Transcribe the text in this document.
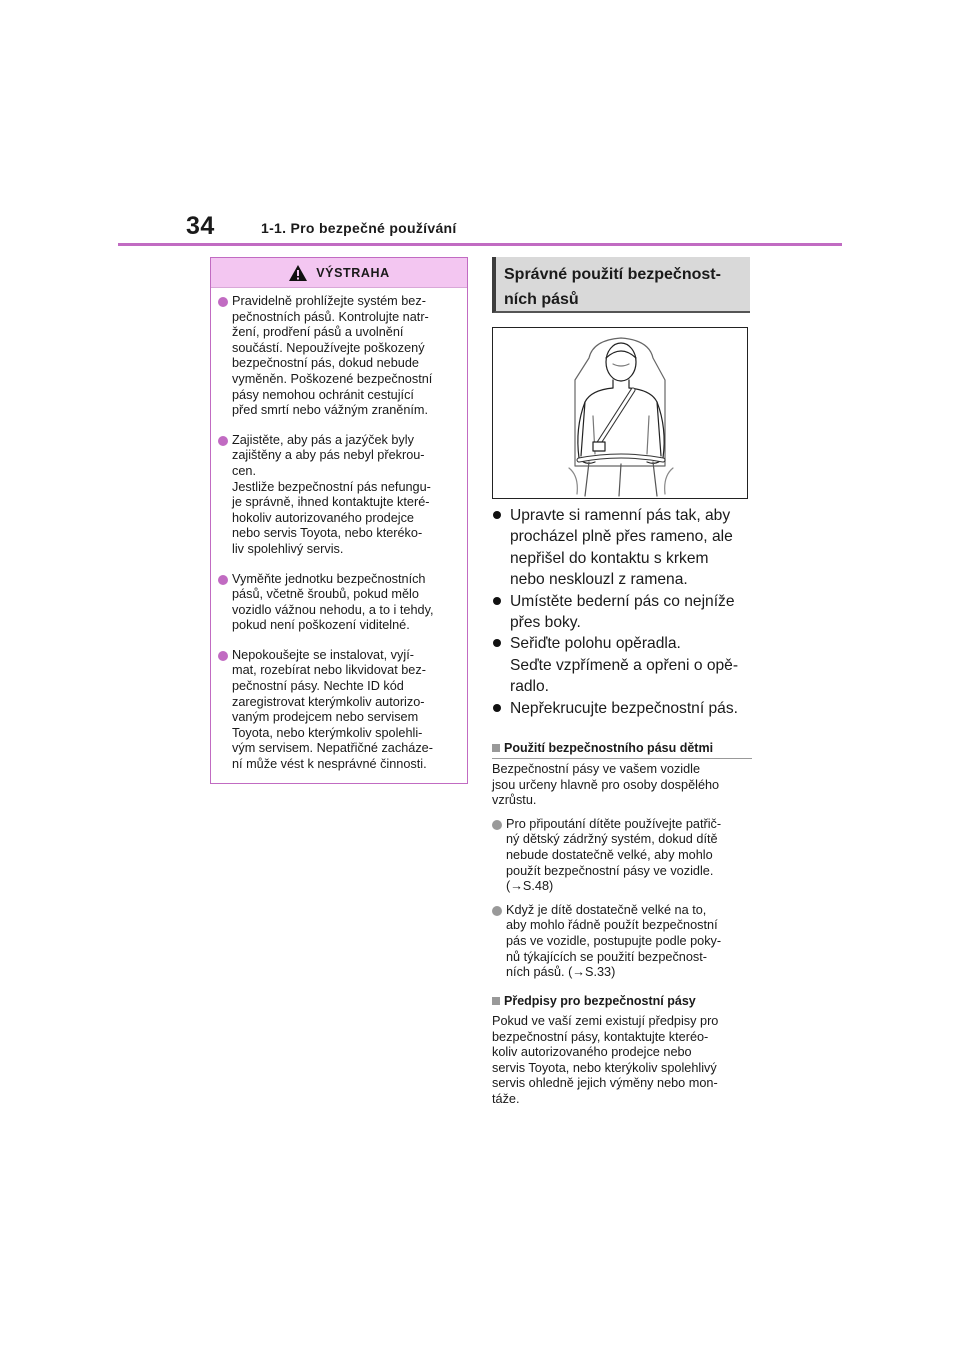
34	1-1. Pro bezpečné používání
VÝSTRAHA
Pravidelně prohlížejte systém bez-
pečnostních pásů. Kontrolujte natr-
žení, prodření pásů a uvolnění
součástí. Nepoužívejte poškozený
bezpečnostní pás, dokud nebude
vyměněn. Poškozené bezpečnostní
pásy nemohou ochránit cestující
před smrtí nebo vážným zraněním.
Zajistěte, aby pás a jazýček byly
zajištěny a aby pás nebyl překrou-
cen.
Jestliže bezpečnostní pás nefungu-
je správně, ihned kontaktujte které-
hokoliv autorizovaného prodejce
nebo servis Toyota, nebo kteréko-
liv spolehlivý servis.
Vyměňte jednotku bezpečnostních
pásů, včetně šroubů, pokud mělo
vozidlo vážnou nehodu, a to i tehdy,
pokud není poškození viditelné.
Nepokoušejte se instalovat, vyjí-
mat, rozebírat nebo likvidovat bez-
pečnostní pásy. Nechte ID kód
zaregistrovat kterýmkoliv autorizo-
vaným prodejcem nebo servisem
Toyota, nebo kterýmkoliv spolehli-
vým servisem. Nepatřičné zacháze-
ní může vést k nesprávné činnosti.
Správné použití bezpečnost-
ních pásů
Upravte si ramenní pás tak, aby
procházel plně přes rameno, ale
nepřišel do kontaktu s krkem
nebo nesklouzl z ramena.
Umístěte bederní pás co nejníže
přes boky.
Seřiďte polohu opěradla.
Seďte vzpřímeně a opřeni o opě-
radlo.
Nepřekrucujte bezpečnostní pás.
Použití bezpečnostního pásu dětmi
Bezpečnostní pásy ve vašem vozidle
jsou určeny hlavně pro osoby dospělého
vzrůstu.
Pro připoutání dítěte používejte patřič-
ný dětský zádržný systém, dokud dítě
nebude dostatečně velké, aby mohlo
použít bezpečnostní pásy ve vozidle.
(→S.48)
Když je dítě dostatečně velké na to,
aby mohlo řádně použít bezpečnostní
pás ve vozidle, postupujte podle poky-
nů týkajících se použití bezpečnost-
ních pásů. (→S.33)
Předpisy pro bezpečnostní pásy
Pokud ve vaší zemi existují předpisy pro
bezpečnostní pásy, kontaktujte kteréo-
koliv autorizovaného prodejce nebo
servis Toyota, nebo kterýkoliv spolehlivý
servis ohledně jejich výměny nebo mon-
táže.
